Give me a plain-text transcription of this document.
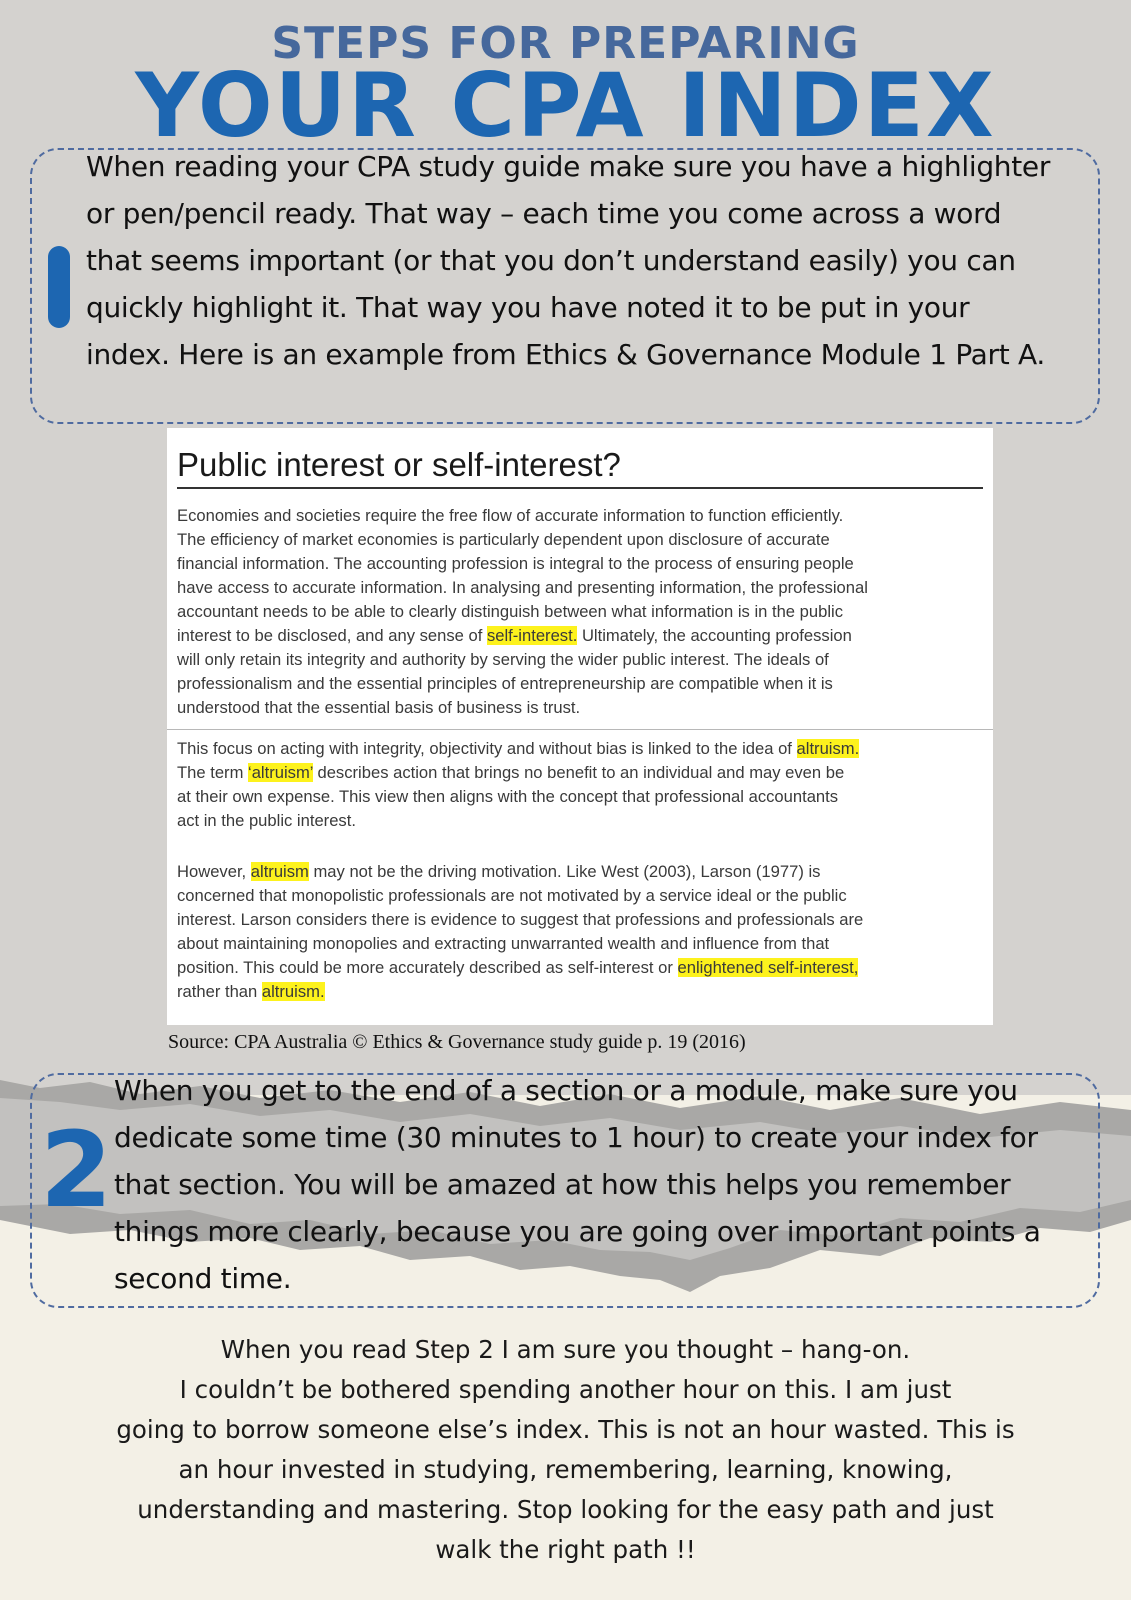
STEPS FOR PREPARING
YOUR CPA INDEX
When reading your CPA study guide make sure you have a highlighter
or pen/pencil ready. That way – each time you come across a word
that seems important (or that you don’t understand easily) you can
quickly highlight it. That way you have noted it to be put in your
index. Here is an example from Ethics & Governance Module 1 Part A.
Public interest or self-interest?
Economies and societies require the free flow of accurate information to function efficiently.
The efficiency of market economies is particularly dependent upon disclosure of accurate
financial information. The accounting profession is integral to the process of ensuring people
have access to accurate information. In analysing and presenting information, the professional
accountant needs to be able to clearly distinguish between what information is in the public
interest to be disclosed, and any sense of self-interest. Ultimately, the accounting profession
will only retain its integrity and authority by serving the wider public interest. The ideals of
professionalism and the essential principles of entrepreneurship are compatible when it is
understood that the essential basis of business is trust.
This focus on acting with integrity, objectivity and without bias is linked to the idea of altruism.
The term ‘altruism’ describes action that brings no benefit to an individual and may even be
at their own expense. This view then aligns with the concept that professional accountants
act in the public interest.
However, altruism may not be the driving motivation. Like West (2003), Larson (1977) is
concerned that monopolistic professionals are not motivated by a service ideal or the public
interest. Larson considers there is evidence to suggest that professions and professionals are
about maintaining monopolies and extracting unwarranted wealth and influence from that
position. This could be more accurately described as self-interest or enlightened self-interest,
rather than altruism.
Source: CPA Australia © Ethics & Governance study guide p. 19 (2016)
2
When you get to the end of a section or a module, make sure you
dedicate some time (30 minutes to 1 hour) to create your index for
that section. You will be amazed at how this helps you remember
things more clearly, because you are going over important points a
second time.
When you read Step 2 I am sure you thought – hang-on.
I couldn’t be bothered spending another hour on this. I am just
going to borrow someone else’s index. This is not an hour wasted. This is
an hour invested in studying, remembering, learning, knowing,
understanding and mastering. Stop looking for the easy path and just
walk the right path !!
